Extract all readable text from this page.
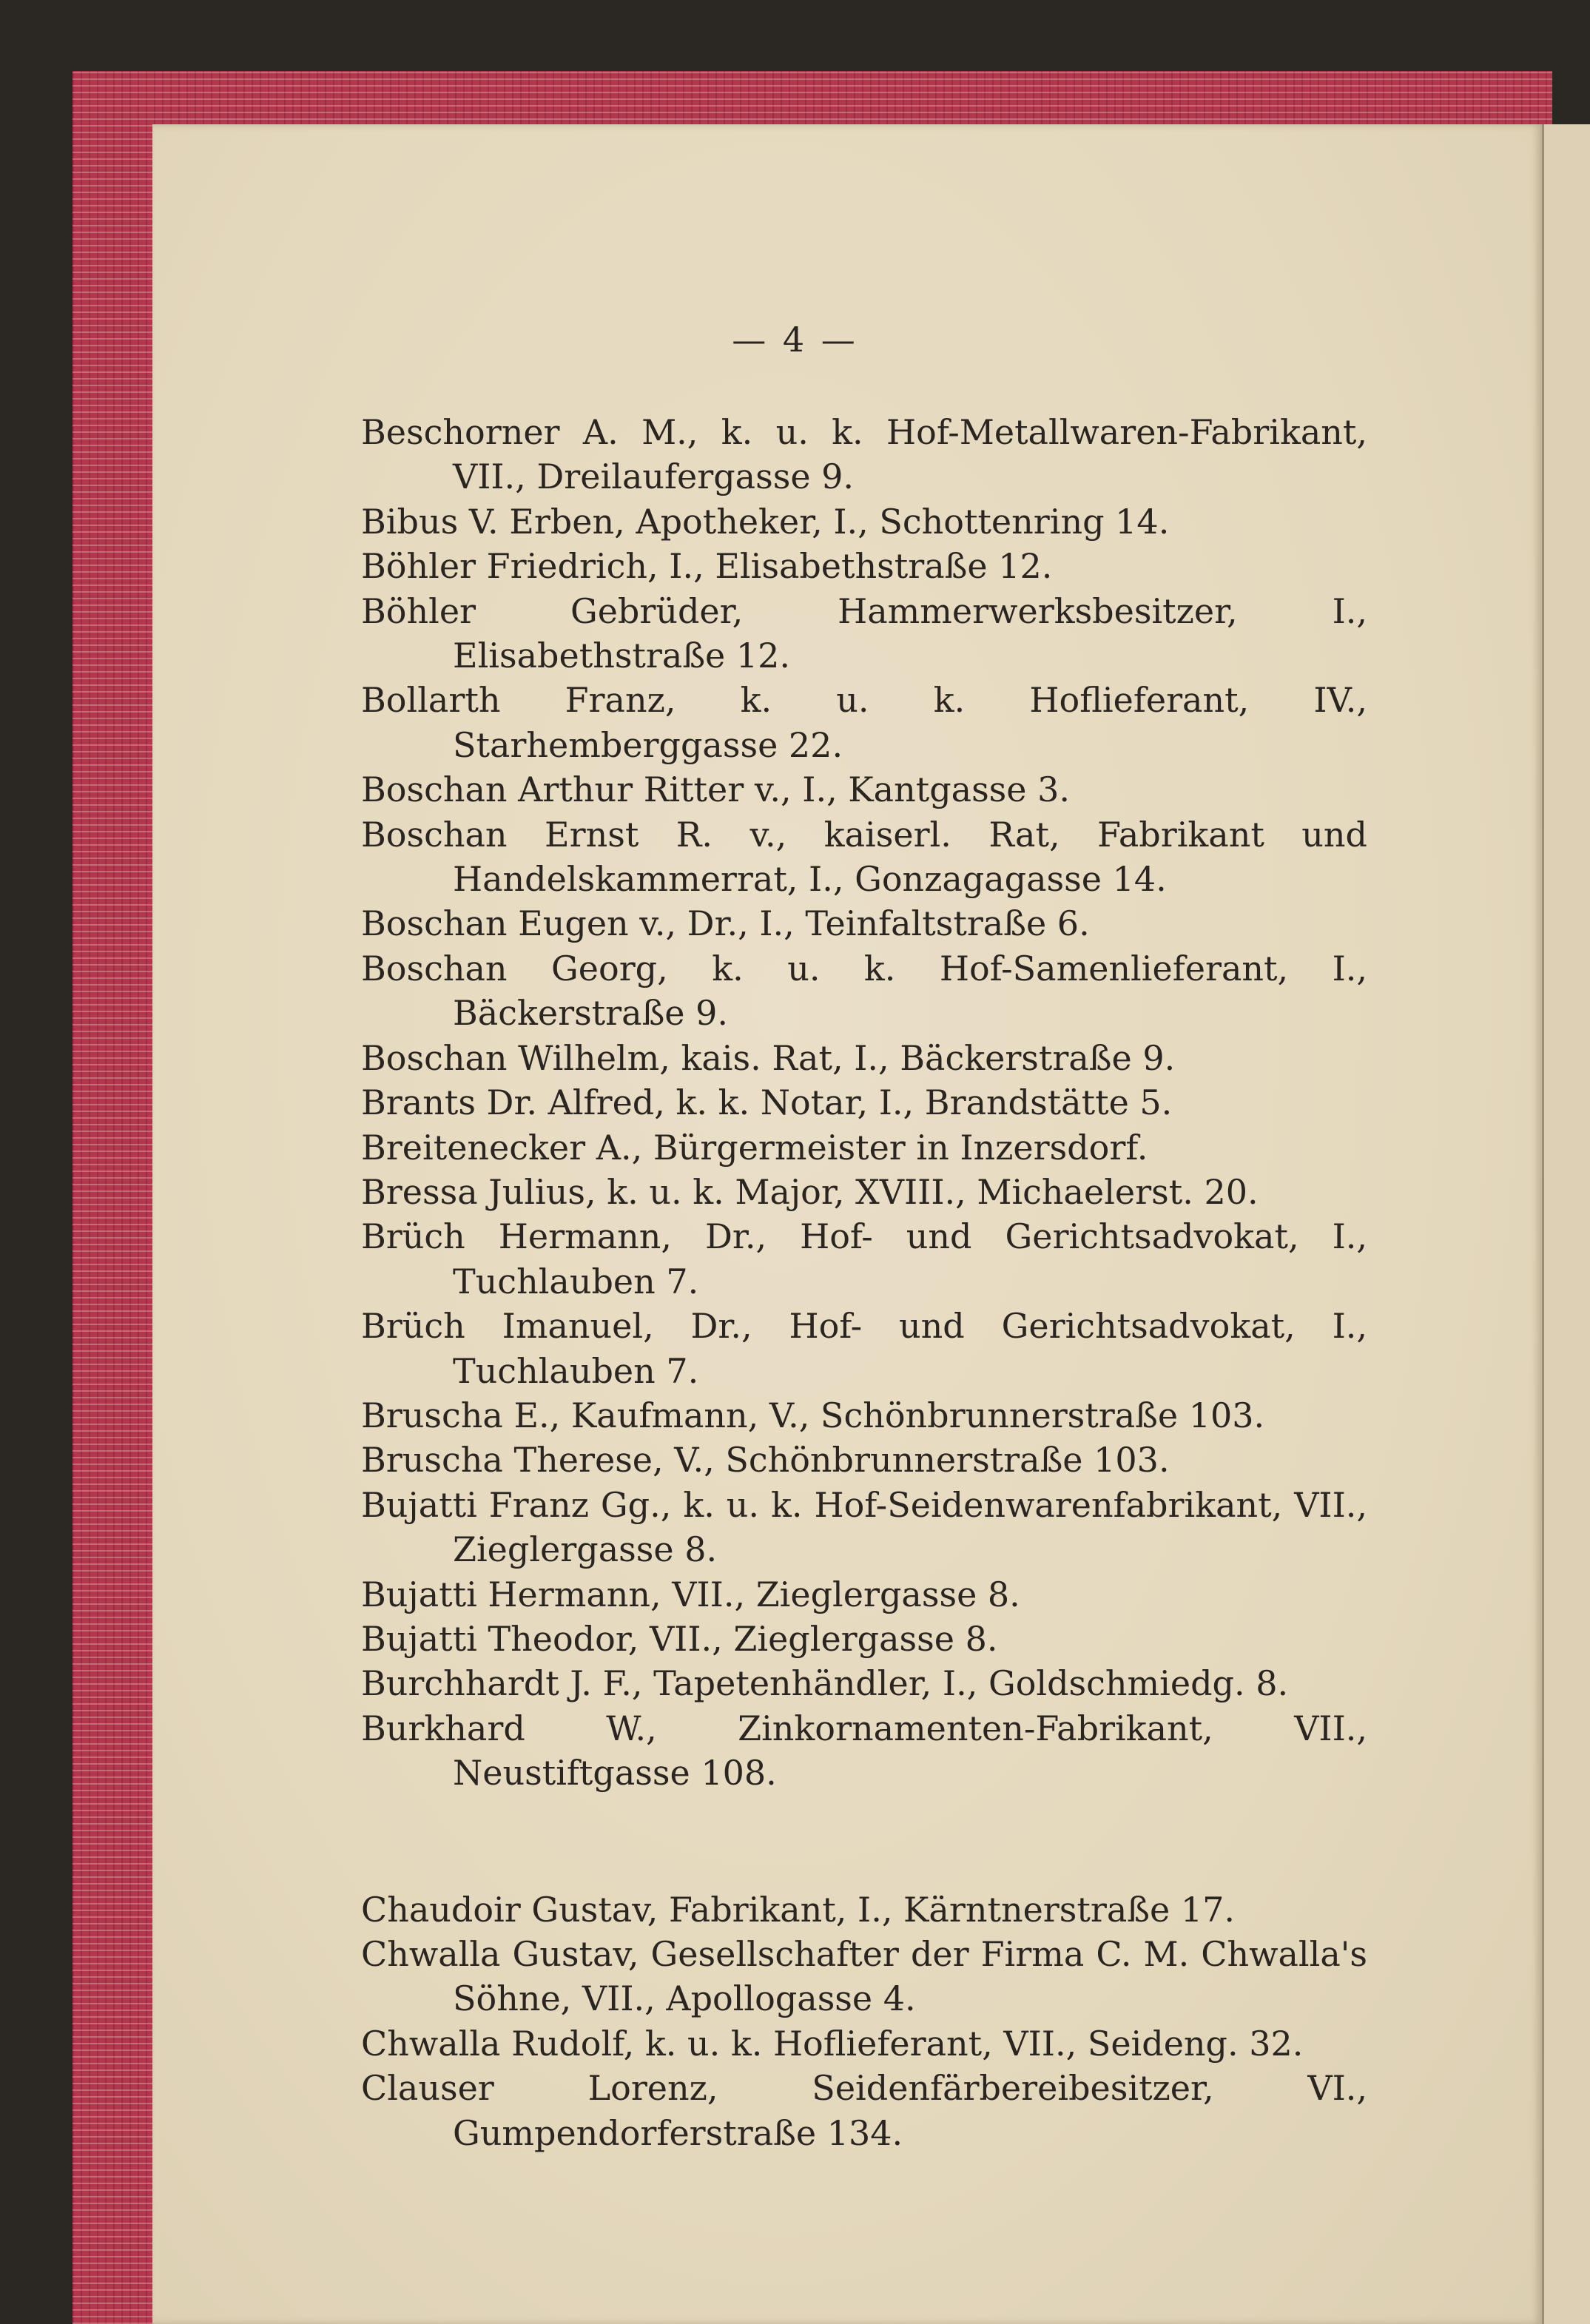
— 4 —
Beschorner A. M., k. u. k. Hof-Metallwaren-Fabrikant, VII., Dreilaufergasse 9.
Bibus V. Erben, Apotheker, I., Schottenring 14.
Böhler Friedrich, I., Elisabethstraße 12.
Böhler Gebrüder, Hammerwerksbesitzer, I., Elisabethstraße 12.
Bollarth Franz, k. u. k. Hoflieferant, IV., Starhemberggasse 22.
Boschan Arthur Ritter v., I., Kantgasse 3.
Boschan Ernst R. v., kaiserl. Rat, Fabrikant und Handelskammerrat, I., Gonzagagasse 14.
Boschan Eugen v., Dr., I., Teinfaltstraße 6.
Boschan Georg, k. u. k. Hof-Samenlieferant, I., Bäckerstraße 9.
Boschan Wilhelm, kais. Rat, I., Bäckerstraße 9.
Brants Dr. Alfred, k. k. Notar, I., Brandstätte 5.
Breitenecker A., Bürgermeister in Inzersdorf.
Bressa Julius, k. u. k. Major, XVIII., Michaelerst. 20.
Brüch Hermann, Dr., Hof- und Gerichtsadvokat, I., Tuchlauben 7.
Brüch Imanuel, Dr., Hof- und Gerichtsadvokat, I., Tuchlauben 7.
Bruscha E., Kaufmann, V., Schönbrunnerstraße 103.
Bruscha Therese, V., Schönbrunnerstraße 103.
Bujatti Franz Gg., k. u. k. Hof-Seidenwarenfabrikant, VII., Zieglergasse 8.
Bujatti Hermann, VII., Zieglergasse 8.
Bujatti Theodor, VII., Zieglergasse 8.
Burchhardt J. F., Tapetenhändler, I., Goldschmiedg. 8.
Burkhard W., Zinkornamenten-Fabrikant, VII., Neustiftgasse 108.
Chaudoir Gustav, Fabrikant, I., Kärntnerstraße 17.
Chwalla Gustav, Gesellschafter der Firma C. M. Chwalla's Söhne, VII., Apollogasse 4.
Chwalla Rudolf, k. u. k. Hoflieferant, VII., Seideng. 32.
Clauser Lorenz, Seidenfärbereibesitzer, VI., Gumpendorferstraße 134.
